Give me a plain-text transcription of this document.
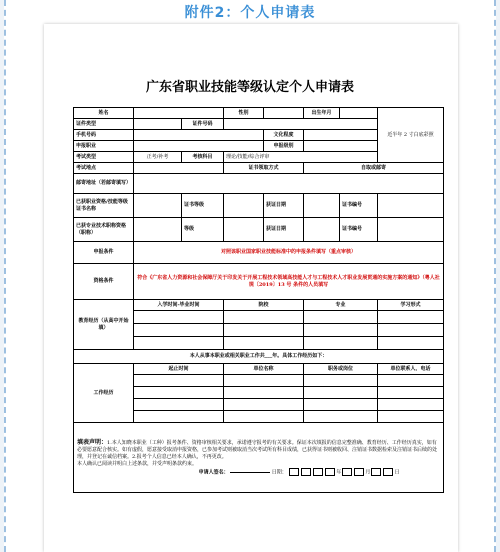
附件2：个人申请表
广东省职业技能等级认定个人申请表
姓名			性别		出生年月		近半年 2 寸白底彩照
证件类型		证件号码					
手机号码				文化程度			
申报职业				申报级别			
考试类型	正考/补考	考核科目	理论/技能/综合评审				
考试地点			证书领取方式		自取或邮寄		
邮寄地址（若邮寄填写）							
已获职业资格/技能等级证书名称		证书等级		获证日期		证书编号	
已获专业技术职称资格（职称）		等级		获证日期		证书编号	
申报条件	对照该职业国家职业技能标准中的申报条件填写（重点审核）						
资格条件	符合《广东省人力资源和社会保障厅关于印发关于开展工程技术领域高技能人才与工程技术人才职业发展贯通的实施方案的通知》（粤人社规〔2019〕13 号 条件的人员填写						
教育经历（从高中开始填）	入学时间-毕业时间		院校		专业		学习形式

本人从事本职业或相关职业工作共___年。具体工作经历如下：							
工作经历	起止时间		单位名称		职务或岗位		单位联系人、电话

填表声明：1.本人知晓本职业（工种）报考条件、资格审核相关要求，承诺遵守报考的有关要求。保证本次填报的信息完整准确、教育经历、工作经历真实，如有必要愿意配合核实。如有虚假，愿意接受取消申报资格，已参加考试则被取消当次考试所有科目成绩，已获得证书则被收回、注销证书数据检索及注销证书后续的处理，并登记在诚信档案。2.报考个人信息已经本人确认，不再更改。
本人确认已阅读并明白上述条款，并受声明条款约束。
申请人签名： 日期： 年 月 日							
